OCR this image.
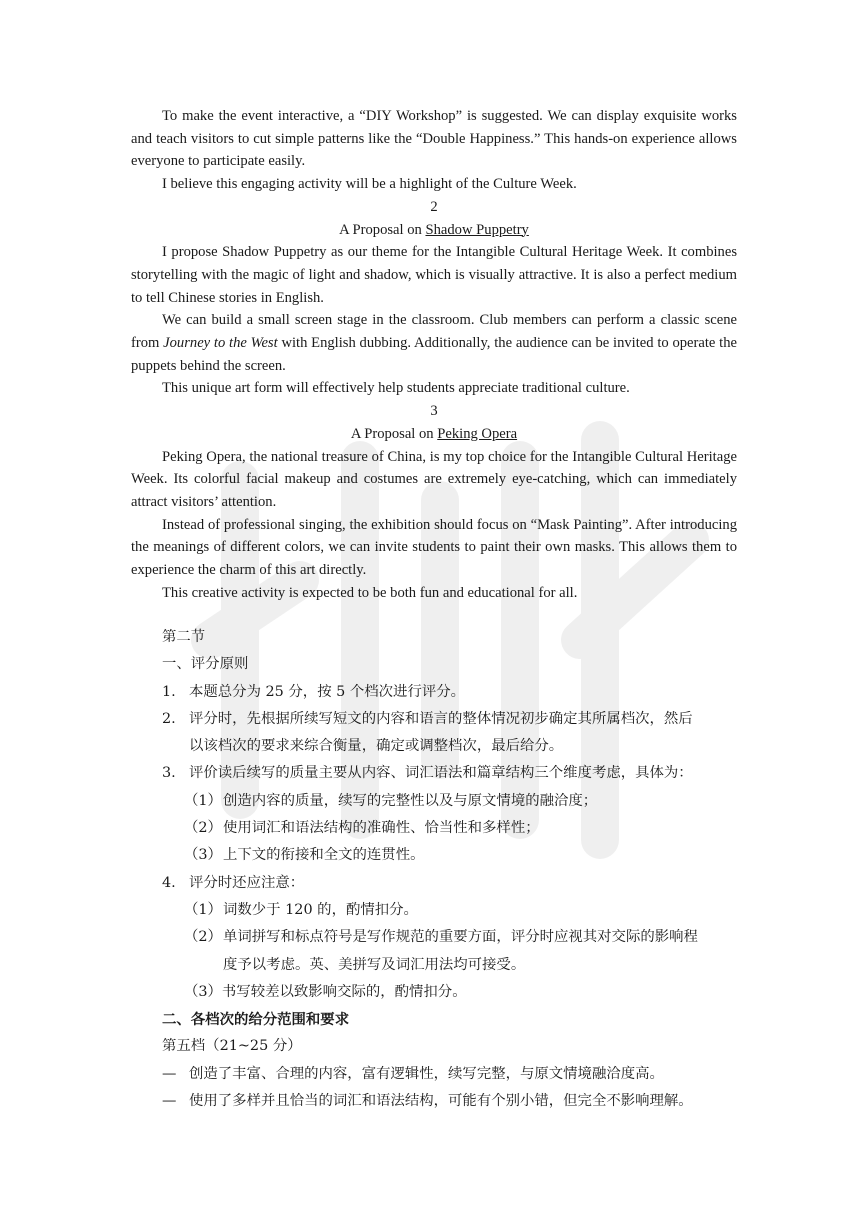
To make the event interactive, a “DIY Workshop” is suggested. We can display exquisite works and teach visitors to cut simple patterns like the “Double Happiness.” This hands-on experience allows everyone to participate easily.

I believe this engaging activity will be a highlight of the Culture Week.

2

A Proposal on Shadow Puppetry

I propose Shadow Puppetry as our theme for the Intangible Cultural Heritage Week. It combines storytelling with the magic of light and shadow, which is visually attractive. It is also a perfect medium to tell Chinese stories in English.

We can build a small screen stage in the classroom. Club members can perform a classic scene from Journey to the West with English dubbing. Additionally, the audience can be invited to operate the puppets behind the screen.

This unique art form will effectively help students appreciate traditional culture.

3

A Proposal on Peking Opera

Peking Opera, the national treasure of China, is my top choice for the Intangible Cultural Heritage Week. Its colorful facial makeup and costumes are extremely eye-catching, which can immediately attract visitors’ attention.

Instead of professional singing, the exhibition should focus on “Mask Painting”. After introducing the meanings of different colors, we can invite students to paint their own masks. This allows them to experience the charm of this art directly.

This creative activity is expected to be both fun and educational for all.

第二节
一、评分原则
1. 本题总分为 25 分，按 5 个档次进行评分。
2. 评分时，先根据所续写短文的内容和语言的整体情况初步确定其所属档次，然后
以该档次的要求来综合衡量，确定或调整档次，最后给分。
3. 评价读后续写的质量主要从内容、词汇语法和篇章结构三个维度考虑，具体为：
（1） 创造内容的质量，续写的完整性以及与原文情境的融洽度；
（2） 使用词汇和语法结构的准确性、恰当性和多样性；
（3） 上下文的衔接和全文的连贯性。
4. 评分时还应注意：
（1） 词数少于 120 的，酌情扣分。
（2） 单词拼写和标点符号是写作规范的重要方面，评分时应视其对交际的影响程
度予以考虑。英、美拼写及词汇用法均可接受。
（3）书写较差以致影响交际的，酌情扣分。
二、各档次的给分范围和要求
第五档（21~25 分）
— 创造了丰富、合理的内容，富有逻辑性，续写完整，与原文情境融洽度高。
— 使用了多样并且恰当的词汇和语法结构，可能有个别小错，但完全不影响理解。
